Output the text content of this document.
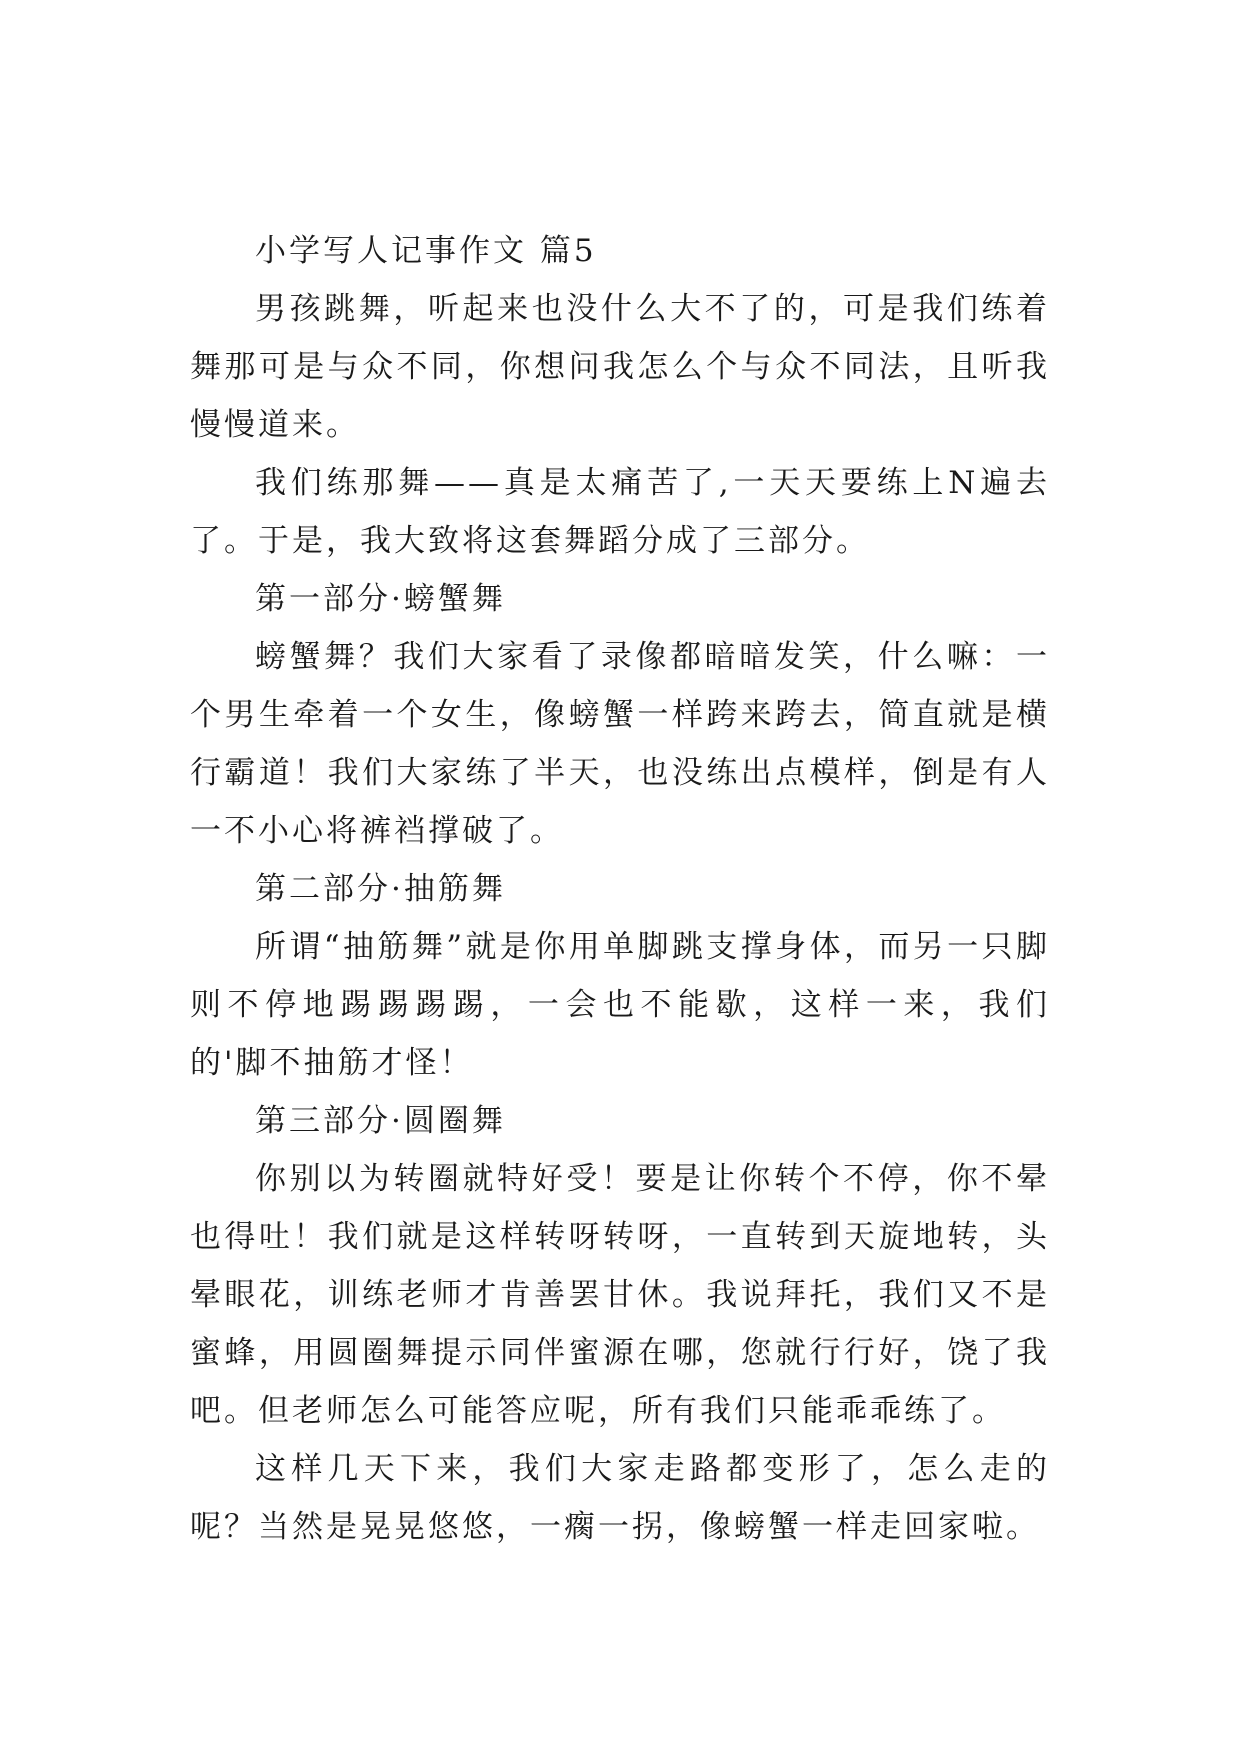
小学写人记事作文 篇5

男孩跳舞，听起来也没什么大不了的，可是我们练着舞那可是与众不同，你想问我怎么个与众不同法，且听我慢慢道来。

我们练那舞——真是太痛苦了,一天天要练上N遍去了。于是，我大致将这套舞蹈分成了三部分。

第一部分·螃蟹舞

螃蟹舞？我们大家看了录像都暗暗发笑，什么嘛：一个男生牵着一个女生，像螃蟹一样跨来跨去，简直就是横行霸道！我们大家练了半天，也没练出点模样，倒是有人一不小心将裤裆撑破了。

第二部分·抽筋舞

所谓“抽筋舞”就是你用单脚跳支撑身体，而另一只脚则不停地踢踢踢踢，一会也不能歇，这样一来，我们的'脚不抽筋才怪！

第三部分·圆圈舞

你别以为转圈就特好受！要是让你转个不停，你不晕也得吐！我们就是这样转呀转呀，一直转到天旋地转，头晕眼花，训练老师才肯善罢甘休。我说拜托，我们又不是蜜蜂，用圆圈舞提示同伴蜜源在哪，您就行行好，饶了我吧。但老师怎么可能答应呢，所有我们只能乖乖练了。

这样几天下来，我们大家走路都变形了，怎么走的呢？当然是晃晃悠悠，一瘸一拐，像螃蟹一样走回家啦。
